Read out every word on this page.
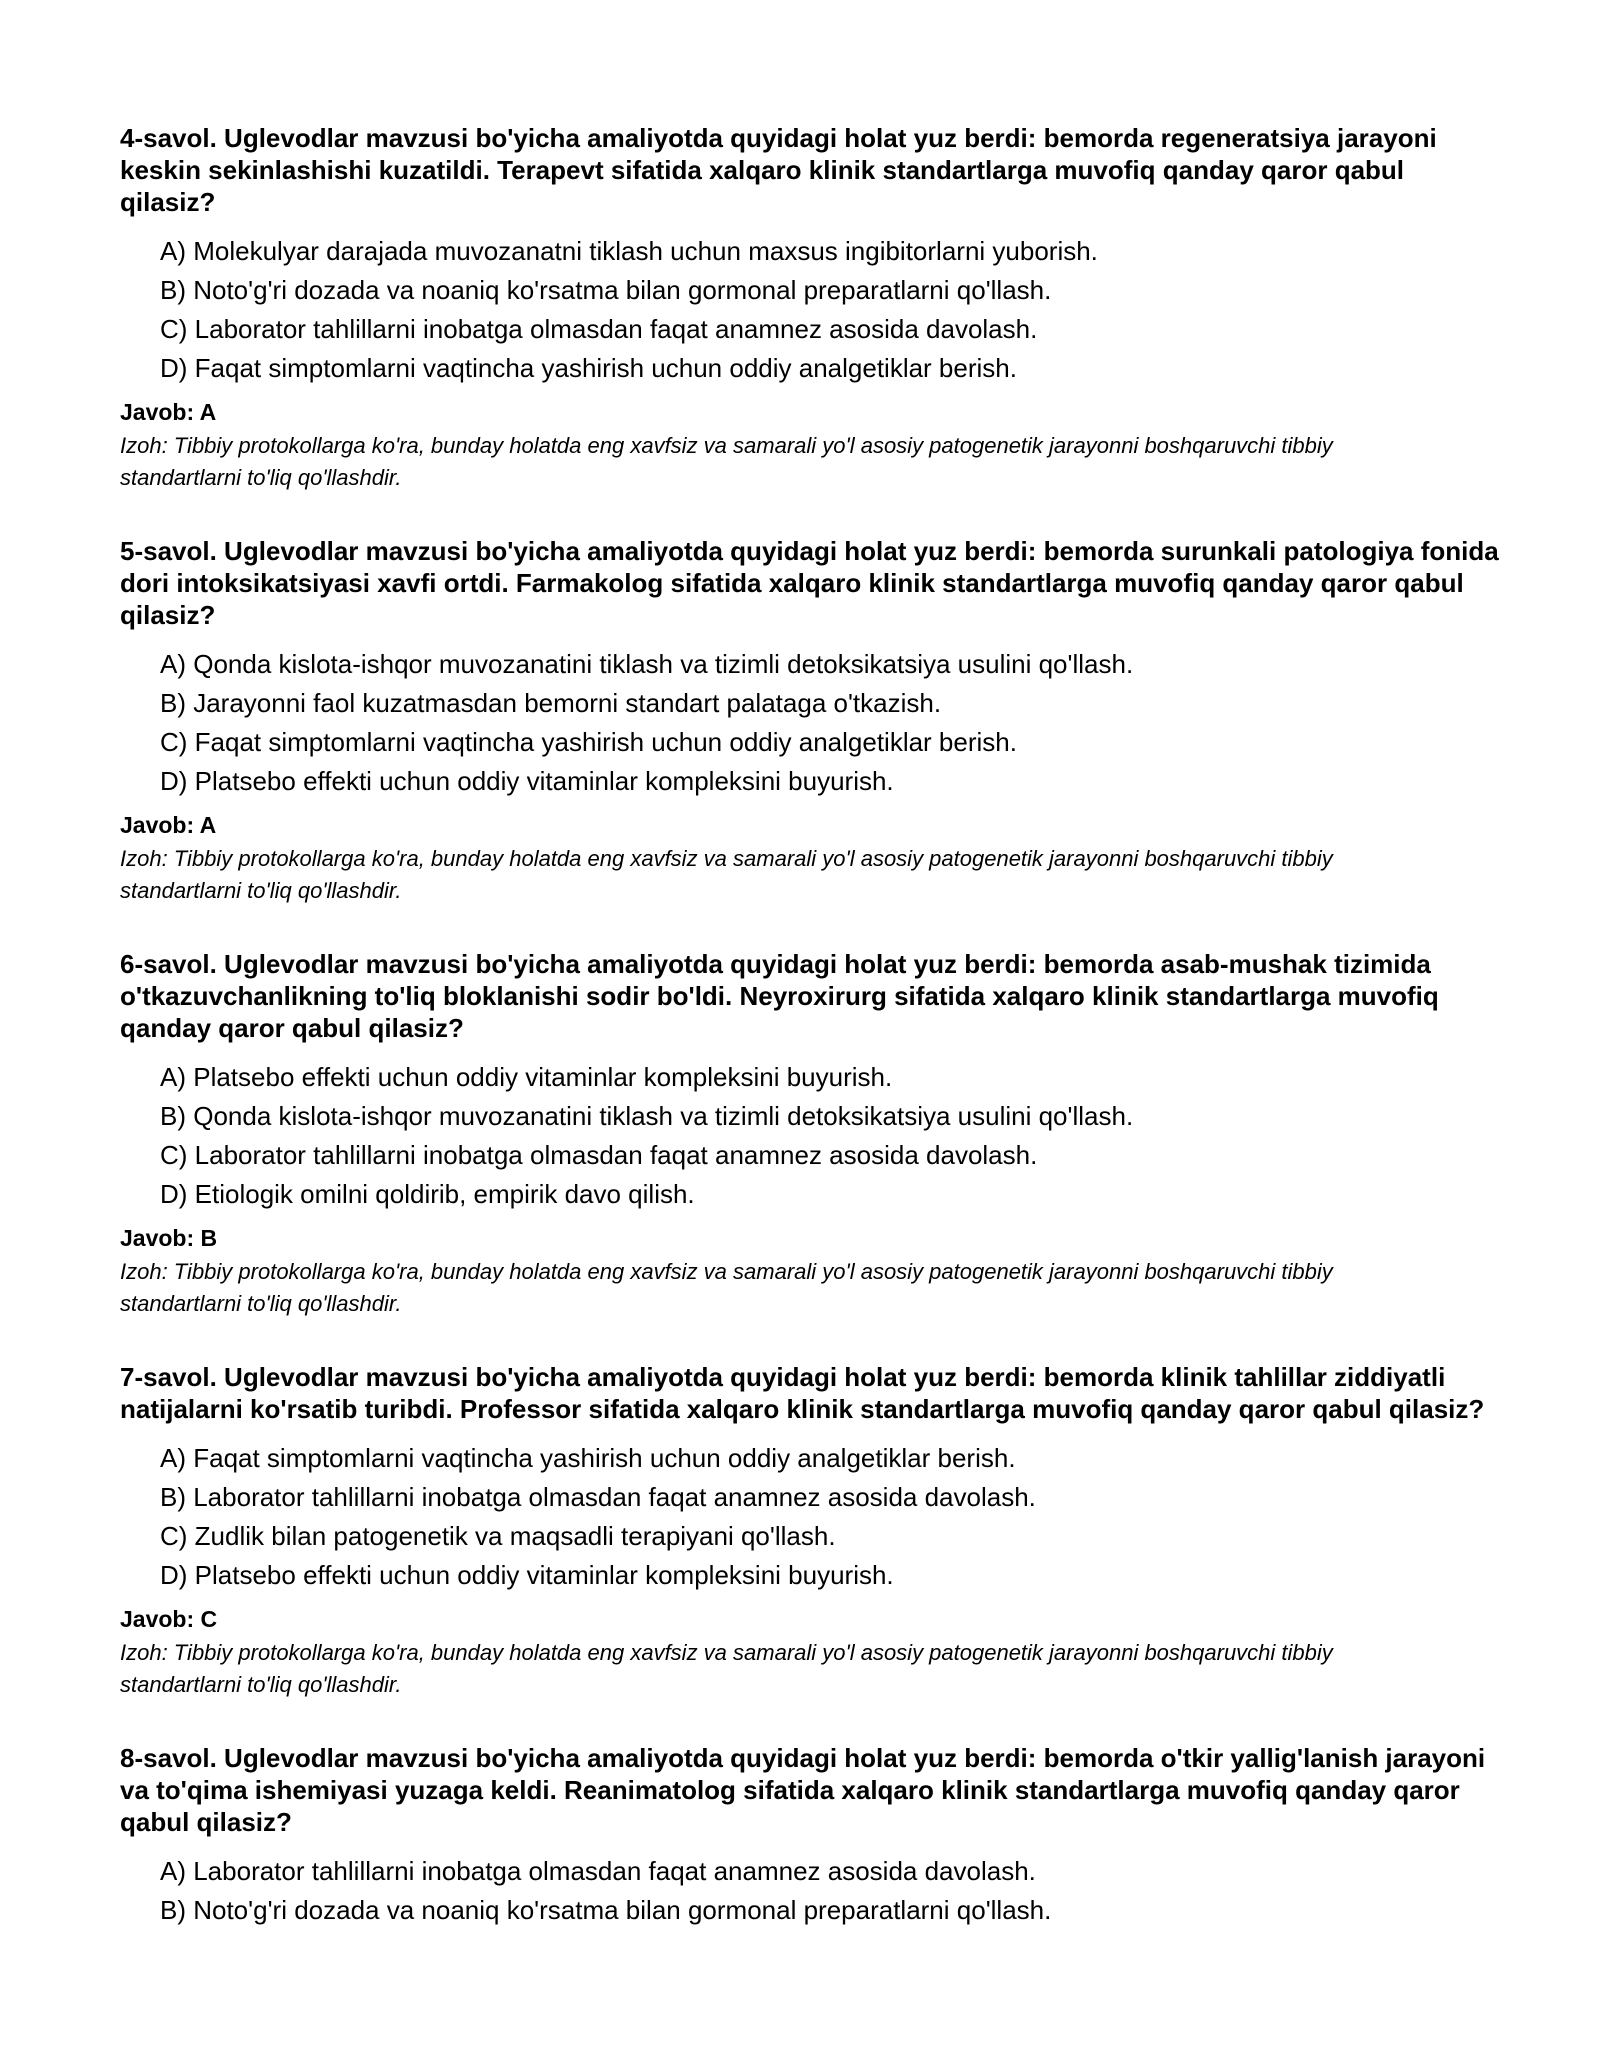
4-savol. Uglevodlar mavzusi bo'yicha amaliyotda quyidagi holat yuz berdi: bemorda regeneratsiya jarayoni keskin sekinlashishi kuzatildi. Terapevt sifatida xalqaro klinik standartlarga muvofiq qanday qaror qabul qilasiz?

A) Molekulyar darajada muvozanatni tiklash uchun maxsus ingibitorlarni yuborish.
B) Noto'g'ri dozada va noaniq ko'rsatma bilan gormonal preparatlarni qo'llash.
C) Laborator tahlillarni inobatga olmasdan faqat anamnez asosida davolash.
D) Faqat simptomlarni vaqtincha yashirish uchun oddiy analgetiklar berish.

Javob: A

Izoh: Tibbiy protokollarga ko'ra, bunday holatda eng xavfsiz va samarali yo'l asosiy patogenetik jarayonni boshqaruvchi tibbiy standartlarni to'liq qo'llashdir.

5-savol. Uglevodlar mavzusi bo'yicha amaliyotda quyidagi holat yuz berdi: bemorda surunkali patologiya fonida dori intoksikatsiyasi xavfi ortdi. Farmakolog sifatida xalqaro klinik standartlarga muvofiq qanday qaror qabul qilasiz?

A) Qonda kislota-ishqor muvozanatini tiklash va tizimli detoksikatsiya usulini qo'llash.
B) Jarayonni faol kuzatmasdan bemorni standart palataga o'tkazish.
C) Faqat simptomlarni vaqtincha yashirish uchun oddiy analgetiklar berish.
D) Platsebo effekti uchun oddiy vitaminlar kompleksini buyurish.

Javob: A

Izoh: Tibbiy protokollarga ko'ra, bunday holatda eng xavfsiz va samarali yo'l asosiy patogenetik jarayonni boshqaruvchi tibbiy standartlarni to'liq qo'llashdir.

6-savol. Uglevodlar mavzusi bo'yicha amaliyotda quyidagi holat yuz berdi: bemorda asab-mushak tizimida o'tkazuvchanlikning to'liq bloklanishi sodir bo'ldi. Neyroxirurg sifatida xalqaro klinik standartlarga muvofiq qanday qaror qabul qilasiz?

A) Platsebo effekti uchun oddiy vitaminlar kompleksini buyurish.
B) Qonda kislota-ishqor muvozanatini tiklash va tizimli detoksikatsiya usulini qo'llash.
C) Laborator tahlillarni inobatga olmasdan faqat anamnez asosida davolash.
D) Etiologik omilni qoldirib, empirik davo qilish.

Javob: B

Izoh: Tibbiy protokollarga ko'ra, bunday holatda eng xavfsiz va samarali yo'l asosiy patogenetik jarayonni boshqaruvchi tibbiy standartlarni to'liq qo'llashdir.

7-savol. Uglevodlar mavzusi bo'yicha amaliyotda quyidagi holat yuz berdi: bemorda klinik tahlillar ziddiyatli natijalarni ko'rsatib turibdi. Professor sifatida xalqaro klinik standartlarga muvofiq qanday qaror qabul qilasiz?

A) Faqat simptomlarni vaqtincha yashirish uchun oddiy analgetiklar berish.
B) Laborator tahlillarni inobatga olmasdan faqat anamnez asosida davolash.
C) Zudlik bilan patogenetik va maqsadli terapiyani qo'llash.
D) Platsebo effekti uchun oddiy vitaminlar kompleksini buyurish.

Javob: C

Izoh: Tibbiy protokollarga ko'ra, bunday holatda eng xavfsiz va samarali yo'l asosiy patogenetik jarayonni boshqaruvchi tibbiy standartlarni to'liq qo'llashdir.

8-savol. Uglevodlar mavzusi bo'yicha amaliyotda quyidagi holat yuz berdi: bemorda o'tkir yallig'lanish jarayoni va to'qima ishemiyasi yuzaga keldi. Reanimatolog sifatida xalqaro klinik standartlarga muvofiq qanday qaror qabul qilasiz?

A) Laborator tahlillarni inobatga olmasdan faqat anamnez asosida davolash.
B) Noto'g'ri dozada va noaniq ko'rsatma bilan gormonal preparatlarni qo'llash.
